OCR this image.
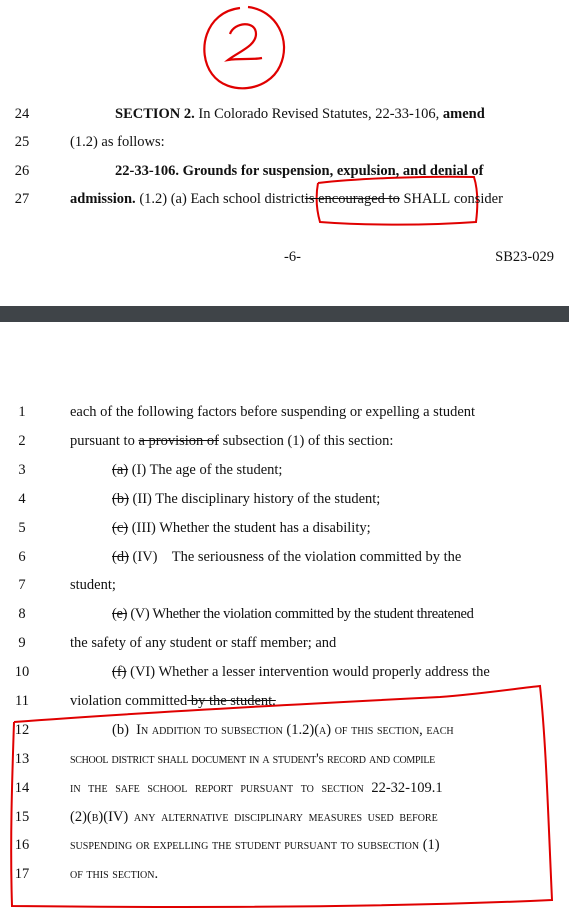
24	SECTION 2. In Colorado Revised Statutes, 22-33-106, amend
25	(1.2) as follows:
26	22-33-106. Grounds for suspension, expulsion, and denial of
27	admission. (1.2) (a) Each school districtis encouraged to SHALL consider
-6-	SB23-029
1	each of the following factors before suspending or expelling a student
2	pursuant to a provision of subsection (1) of this section:
3	(a) (I) The age of the student;
4	(b) (II) The disciplinary history of the student;
5	(c) (III) Whether the student has a disability;
6	(d) (IV)    The seriousness of the violation committed by the
7	student;
8	(e) (V) Whether the violation committed by the student threatened
9	the safety of any student or staff member; and
10	(f) (VI) Whether a lesser intervention would properly address the
11	violation committed by the student.
12	(b)  In addition to subsection (1.2)(a) of this section, each
13	school district shall document in a student's record and compile
14	in the safe school report pursuant to section 22-32-109.1
15	(2)(b)(IV) any alternative disciplinary measures used before
16	suspending or expelling the student pursuant to subsection (1)
17	of this section.
